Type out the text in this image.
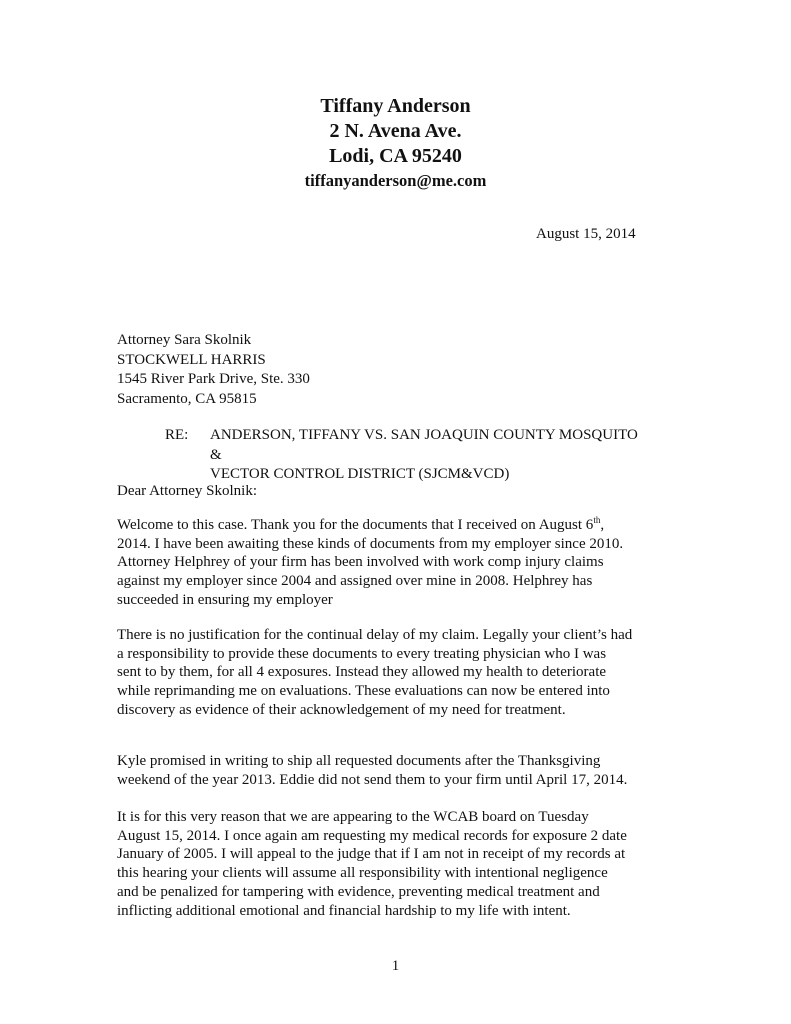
Tiffany Anderson
2 N. Avena Ave.
Lodi, CA 95240
tiffanyanderson@me.com
August 15, 2014
Attorney Sara Skolnik
STOCKWELL HARRIS
1545 River Park Drive, Ste. 330
Sacramento, CA 95815
RE:	ANDERSON, TIFFANY VS. SAN JOAQUIN COUNTY MOSQUITO &
VECTOR CONTROL DISTRICT (SJCM&VCD)
Dear Attorney Skolnik:
Welcome to this case. Thank you for the documents that I received on August 6th,
2014. I have been awaiting these kinds of documents from my employer since 2010.
Attorney Helphrey of your firm has been involved with work comp injury claims
against my employer since 2004 and assigned over mine in 2008. Helphrey has
succeeded in ensuring my employer
There is no justification for the continual delay of my claim. Legally your client’s had
a responsibility to provide these documents to every treating physician who I was
sent to by them, for all 4 exposures. Instead they allowed my health to deteriorate
while reprimanding me on evaluations. These evaluations can now be entered into
discovery as evidence of their acknowledgement of my need for treatment.
Kyle promised in writing to ship all requested documents after the Thanksgiving
weekend of the year 2013. Eddie did not send them to your firm until April 17, 2014.
It is for this very reason that we are appearing to the WCAB board on Tuesday
August 15, 2014. I once again am requesting my medical records for exposure 2 date
January of 2005. I will appeal to the judge that if I am not in receipt of my records at
this hearing your clients will assume all responsibility with intentional negligence
and be penalized for tampering with evidence, preventing medical treatment and
inflicting additional emotional and financial hardship to my life with intent.
1
